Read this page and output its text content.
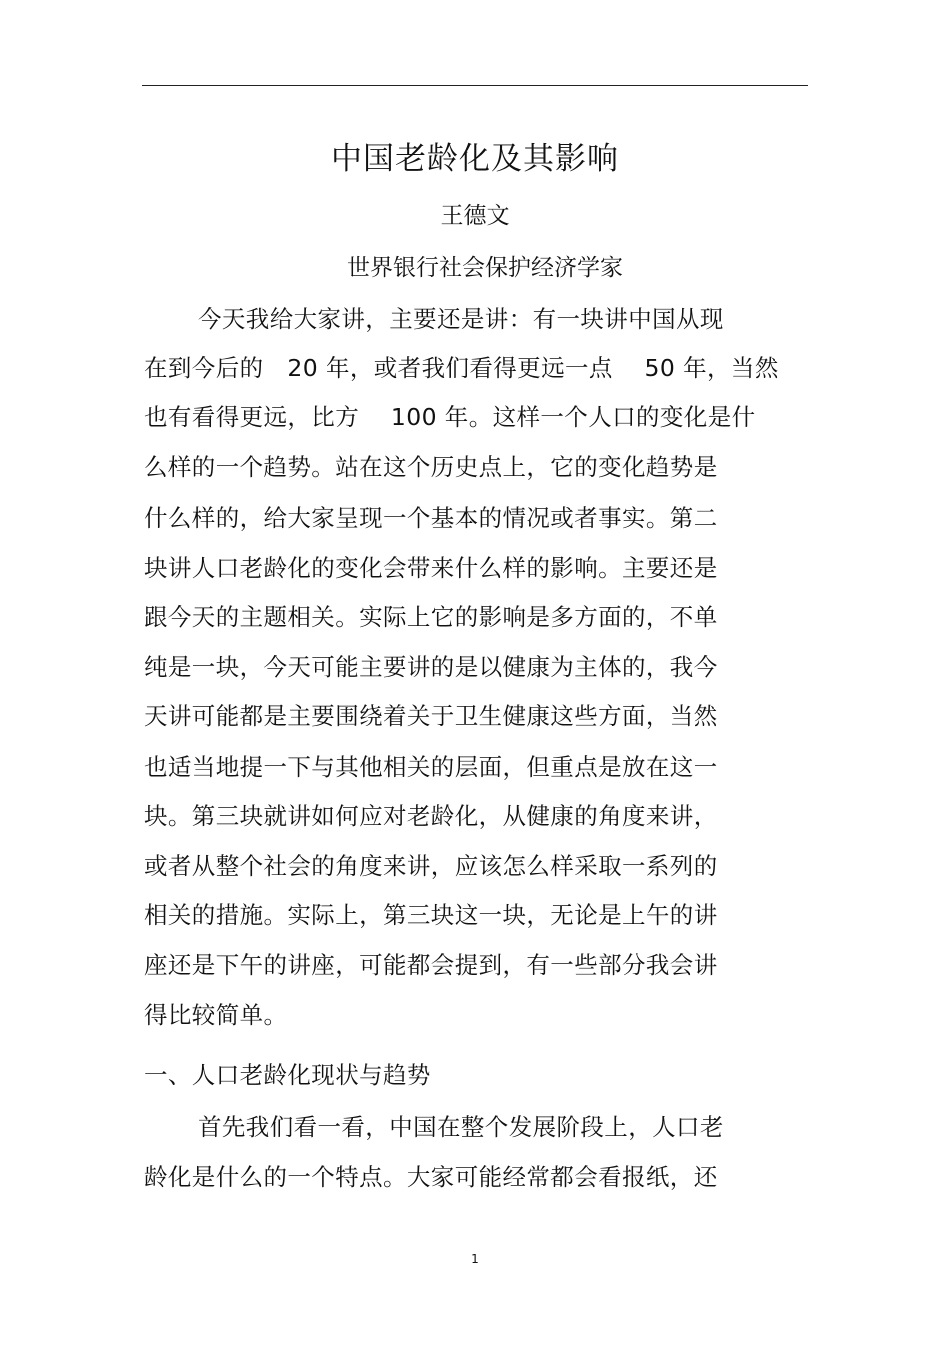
中国老龄化及其影响
王德文
世界银行社会保护经济学家
今天我给大家讲，主要还是讲：有一块讲中国从现
在到今后的　20 年，或者我们看得更远一点　 50 年，当然
也有看得更远，比方　 100 年。这样一个人口的变化是什
么样的一个趋势。站在这个历史点上，它的变化趋势是
什么样的，给大家呈现一个基本的情况或者事实。第二
块讲人口老龄化的变化会带来什么样的影响。主要还是
跟今天的主题相关。实际上它的影响是多方面的，不单
纯是一块，今天可能主要讲的是以健康为主体的，我今
天讲可能都是主要围绕着关于卫生健康这些方面，当然
也适当地提一下与其他相关的层面，但重点是放在这一
块。第三块就讲如何应对老龄化，从健康的角度来讲，
或者从整个社会的角度来讲，应该怎么样采取一系列的
相关的措施。实际上，第三块这一块，无论是上午的讲
座还是下午的讲座，可能都会提到，有一些部分我会讲
得比较简单。
一、人口老龄化现状与趋势
首先我们看一看，中国在整个发展阶段上，人口老
龄化是什么的一个特点。大家可能经常都会看报纸，还
1
